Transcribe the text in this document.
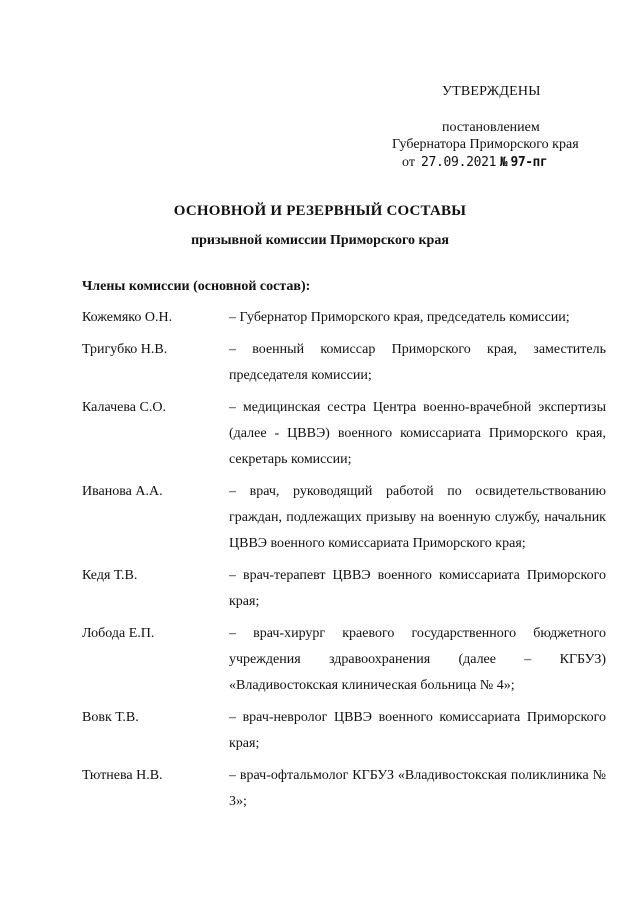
УТВЕРЖДЕНЫ
постановлением
Губернатора Приморского края
от 27.09.2021 № 97-пг
ОСНОВНОЙ И РЕЗЕРВНЫЙ СОСТАВЫ
призывной комиссии Приморского края
Члены комиссии (основной состав):
Кожемяко О.Н.	– Губернатор Приморского края, председатель комиссии;
Тригубко Н.В.	– военный комиссар Приморского края, заместитель председателя комиссии;
Калачева С.О.	– медицинская сестра Центра военно-врачебной экспертизы (далее - ЦВВЭ) военного комиссариата Приморского края, секретарь комиссии;
Иванова А.А.	– врач, руководящий работой по освидетельствованию граждан, подлежащих призыву на военную службу, начальник ЦВВЭ военного комиссариата Приморского края;
Кедя Т.В.	– врач-терапевт ЦВВЭ военного комиссариата Приморского края;
Лобода Е.П.	– врач-хирург краевого государственного бюджетного учреждения здравоохранения (далее – КГБУЗ) «Владивостокская клиническая больница № 4»;
Вовк Т.В.	– врач-невролог ЦВВЭ военного комиссариата Приморского края;
Тютнева Н.В.	– врач-офтальмолог КГБУЗ «Владивостокская поликлиника № 3»;
